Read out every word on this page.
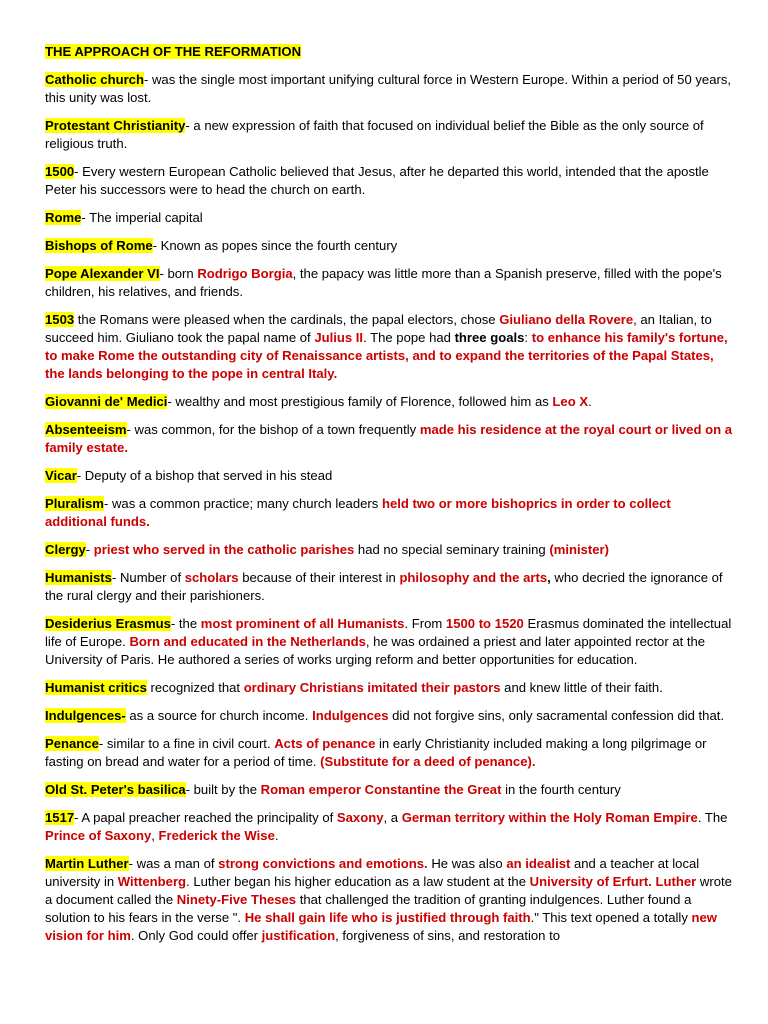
THE APPROACH OF THE REFORMATION
Catholic church- was the single most important unifying cultural force in Western Europe. Within a period of 50 years, this unity was lost.
Protestant Christianity- a new expression of faith that focused on individual belief the Bible as the only source of religious truth.
1500- Every western European Catholic believed that Jesus, after he departed this world, intended that the apostle Peter his successors were to head the church on earth.
Rome- The imperial capital
Bishops of Rome- Known as popes since the fourth century
Pope Alexander VI- born Rodrigo Borgia, the papacy was little more than a Spanish preserve, filled with the pope's children, his relatives, and friends.
1503 the Romans were pleased when the cardinals, the papal electors, chose Giuliano della Rovere, an Italian, to succeed him. Giuliano took the papal name of Julius II. The pope had three goals: to enhance his family's fortune, to make Rome the outstanding city of Renaissance artists, and to expand the territories of the Papal States, the lands belonging to the pope in central Italy.
Giovanni de' Medici- wealthy and most prestigious family of Florence, followed him as Leo X.
Absenteeism- was common, for the bishop of a town frequently made his residence at the royal court or lived on a family estate.
Vicar- Deputy of a bishop that served in his stead
Pluralism- was a common practice; many church leaders held two or more bishoprics in order to collect additional funds.
Clergy- priest who served in the catholic parishes had no special seminary training (minister)
Humanists- Number of scholars because of their interest in philosophy and the arts, who decried the ignorance of the rural clergy and their parishioners.
Desiderius Erasmus- the most prominent of all Humanists. From 1500 to 1520 Erasmus dominated the intellectual life of Europe. Born and educated in the Netherlands, he was ordained a priest and later appointed rector at the University of Paris. He authored a series of works urging reform and better opportunities for education.
Humanist critics recognized that ordinary Christians imitated their pastors and knew little of their faith.
Indulgences- as a source for church income. Indulgences did not forgive sins, only sacramental confession did that.
Penance- similar to a fine in civil court. Acts of penance in early Christianity included making a long pilgrimage or fasting on bread and water for a period of time. (Substitute for a deed of penance).
Old St. Peter's basilica- built by the Roman emperor Constantine the Great in the fourth century
1517- A papal preacher reached the principality of Saxony, a German territory within the Holy Roman Empire. The Prince of Saxony, Frederick the Wise.
Martin Luther- was a man of strong convictions and emotions. He was also an idealist and a teacher at local university in Wittenberg. Luther began his higher education as a law student at the University of Erfurt. Luther wrote a document called the Ninety-Five Theses that challenged the tradition of granting indulgences. Luther found a solution to his fears in the verse ". He shall gain life who is justified through faith." This text opened a totally new vision for him. Only God could offer justification, forgiveness of sins, and restoration to
